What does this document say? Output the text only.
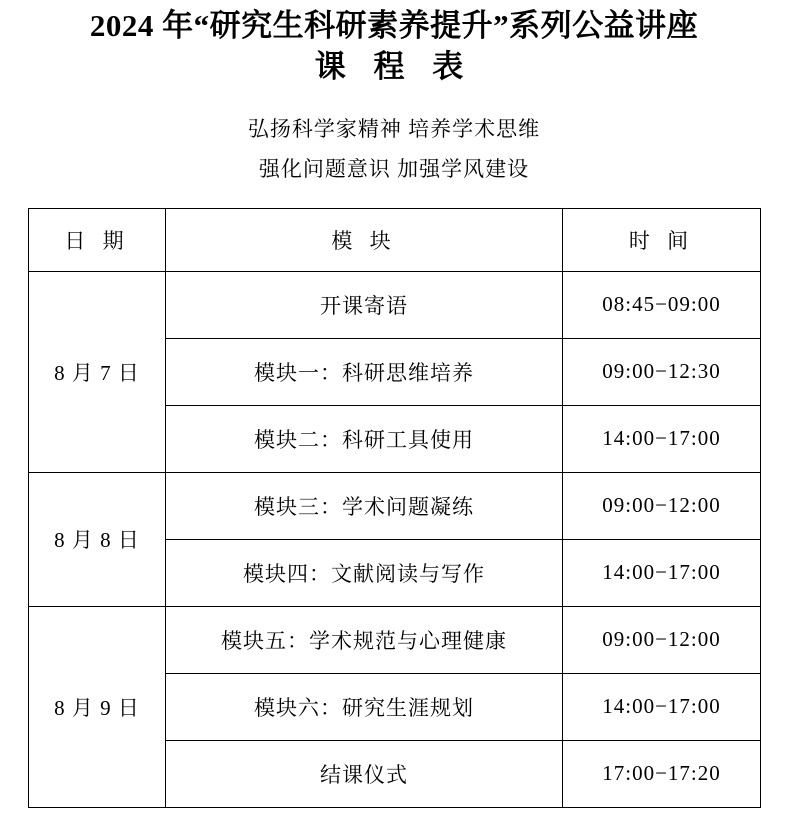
2024 年“研究生科研素养提升”系列公益讲座
课 程 表
弘扬科学家精神 培养学术思维
强化问题意识 加强学风建设
日 期	模 块	时 间
8 月 7 日	开课寄语	08:45−09:00
	模块一：科研思维培养	09:00−12:30
	模块二：科研工具使用	14:00−17:00
8 月 8 日	模块三：学术问题凝练	09:00−12:00
	模块四：文献阅读与写作	14:00−17:00
8 月 9 日	模块五：学术规范与心理健康	09:00−12:00
	模块六：研究生涯规划	14:00−17:00
	结课仪式	17:00−17:20
